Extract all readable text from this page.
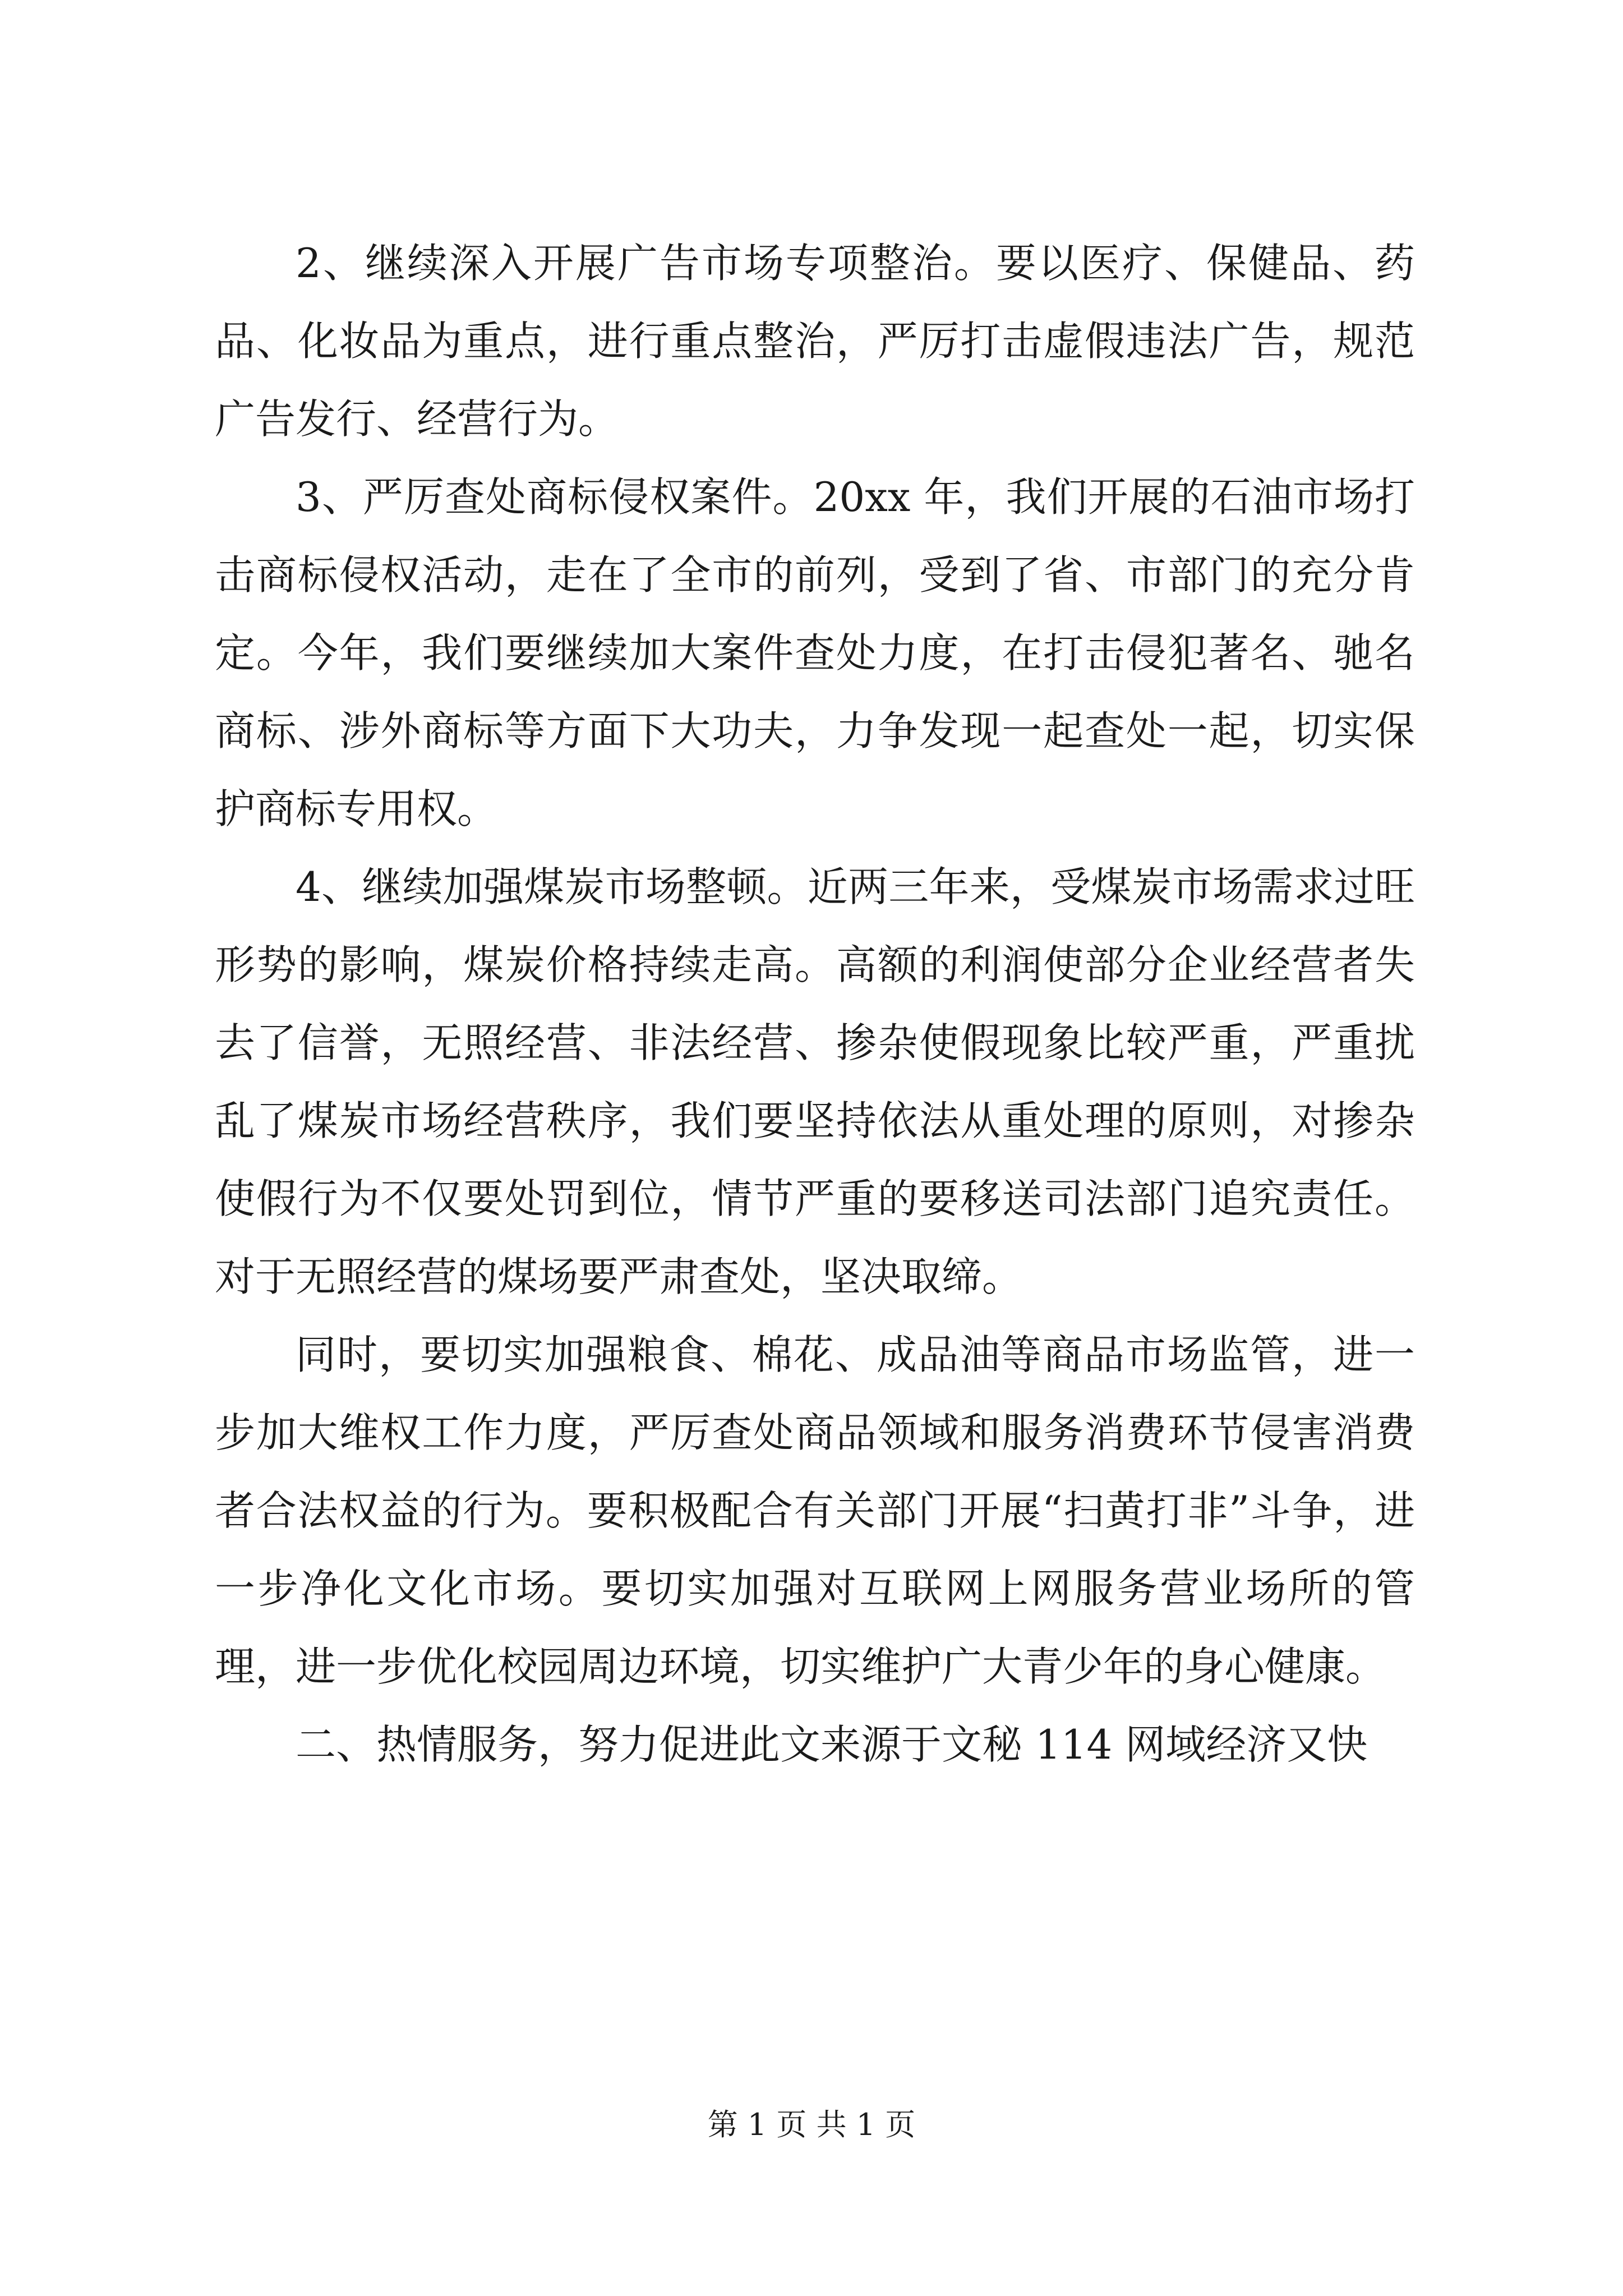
2、继续深入开展广告市场专项整治。要以医疗、保健品、药品、化妆品为重点，进行重点整治，严厉打击虚假违法广告，规范广告发行、经营行为。

3、严厉查处商标侵权案件。20xx 年，我们开展的石油市场打击商标侵权活动，走在了全市的前列，受到了省、市部门的充分肯定。今年，我们要继续加大案件查处力度，在打击侵犯著名、驰名商标、涉外商标等方面下大功夫，力争发现一起查处一起，切实保护商标专用权。

4、继续加强煤炭市场整顿。近两三年来，受煤炭市场需求过旺形势的影响，煤炭价格持续走高。高额的利润使部分企业经营者失去了信誉，无照经营、非法经营、掺杂使假现象比较严重，严重扰乱了煤炭市场经营秩序，我们要坚持依法从重处理的原则，对掺杂使假行为不仅要处罚到位，情节严重的要移送司法部门追究责任。对于无照经营的煤场要严肃查处，坚决取缔。

同时，要切实加强粮食、棉花、成品油等商品市场监管，进一步加大维权工作力度，严厉查处商品领域和服务消费环节侵害消费者合法权益的行为。要积极配合有关部门开展“扫黄打非”斗争，进一步净化文化市场。要切实加强对互联网上网服务营业场所的管理，进一步优化校园周边环境，切实维护广大青少年的身心健康。

二、热情服务，努力促进此文来源于文秘 114 网域经济又快

第 1 页 共 1 页
